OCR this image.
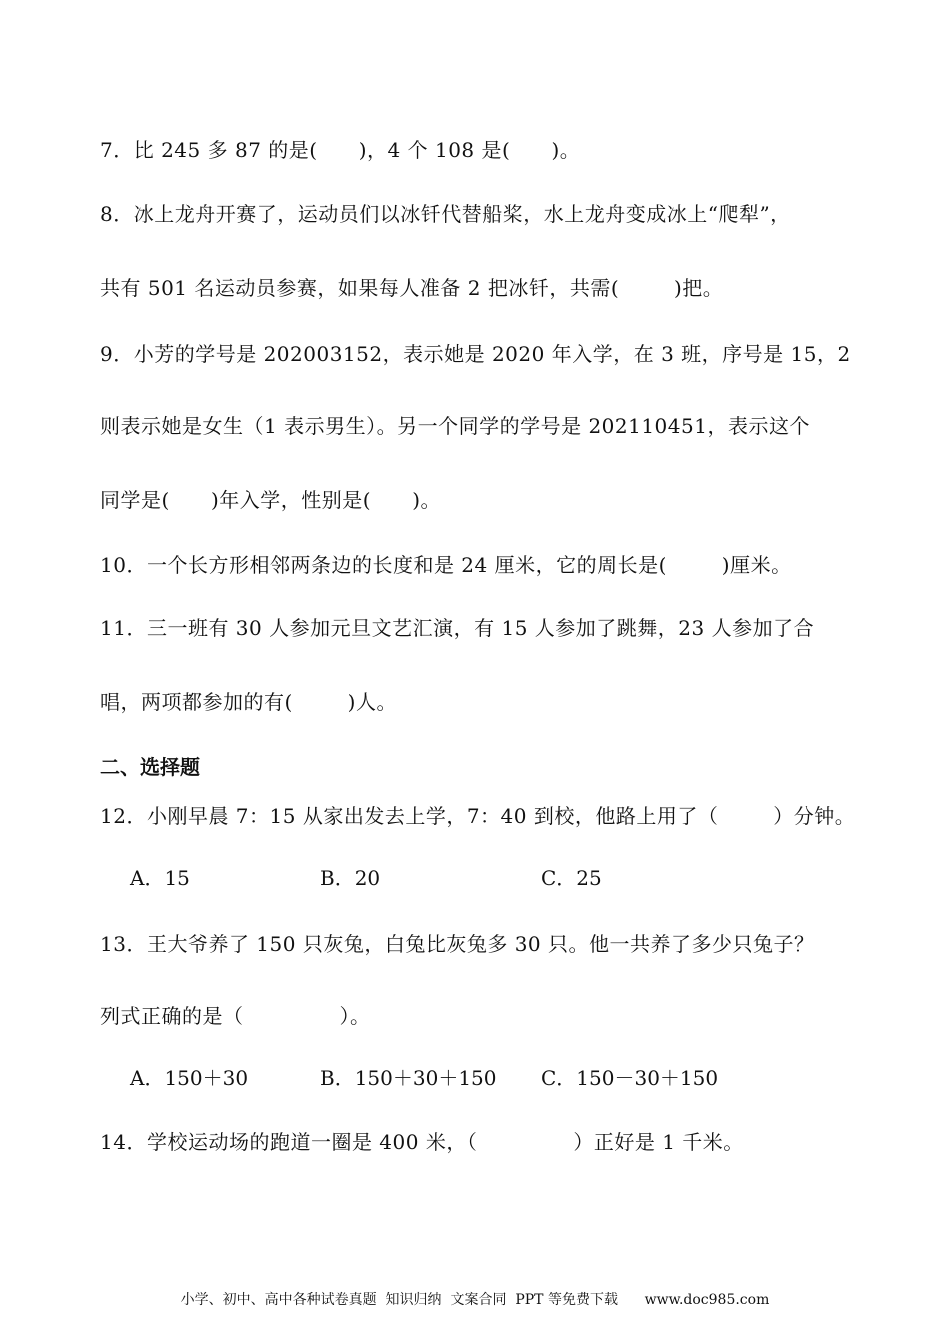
7．比 245 多 87 的是(      )，4 个 108 是(      )。
8．冰上龙舟开赛了，运动员们以冰钎代替船桨，水上龙舟变成冰上“爬犁”，
共有 501 名运动员参赛，如果每人准备 2 把冰钎，共需(        )把。
9．小芳的学号是 202003152，表示她是 2020 年入学，在 3 班，序号是 15，2
则表示她是女生（1 表示男生）。另一个同学的学号是 202110451，表示这个
同学是(      )年入学，性别是(      )。
10．一个长方形相邻两条边的长度和是 24 厘米，它的周长是(        )厘米。
11．三一班有 30 人参加元旦文艺汇演，有 15 人参加了跳舞，23 人参加了合
唱，两项都参加的有(        )人。
二、选择题
12．小刚早晨 7：15 从家出发去上学，7：40 到校，他路上用了（        ）分钟。
A．15	B．20	C．25
13．王大爷养了 150 只灰兔，白兔比灰兔多 30 只。他一共养了多少只兔子？
列式正确的是（              ）。
A．150＋30	B．150＋30＋150 C．150－30＋150
14．学校运动场的跑道一圈是 400 米，（              ）正好是 1 千米。
小学、初中、高中各种试卷真题  知识归纳  文案合同  PPT 等免费下载      www.doc985.com
